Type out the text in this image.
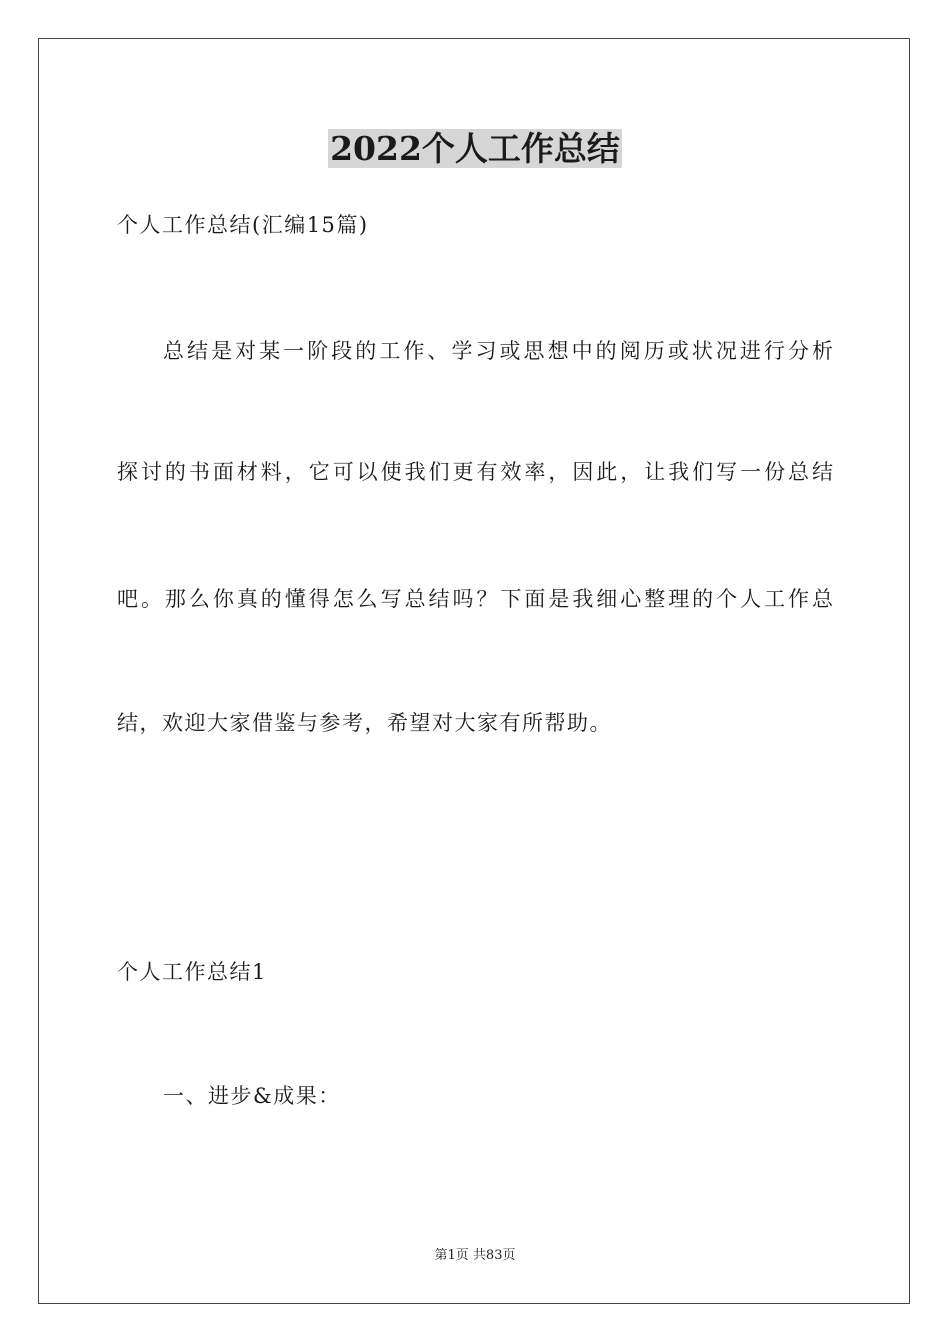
2022个人工作总结
个人工作总结(汇编15篇)
总结是对某一阶段的工作、学习或思想中的阅历或状况进行分析
探讨的书面材料，它可以使我们更有效率，因此，让我们写一份总结
吧。那么你真的懂得怎么写总结吗？下面是我细心整理的个人工作总
结，欢迎大家借鉴与参考，希望对大家有所帮助。
个人工作总结1
一、进步&成果：
第1页 共83页
